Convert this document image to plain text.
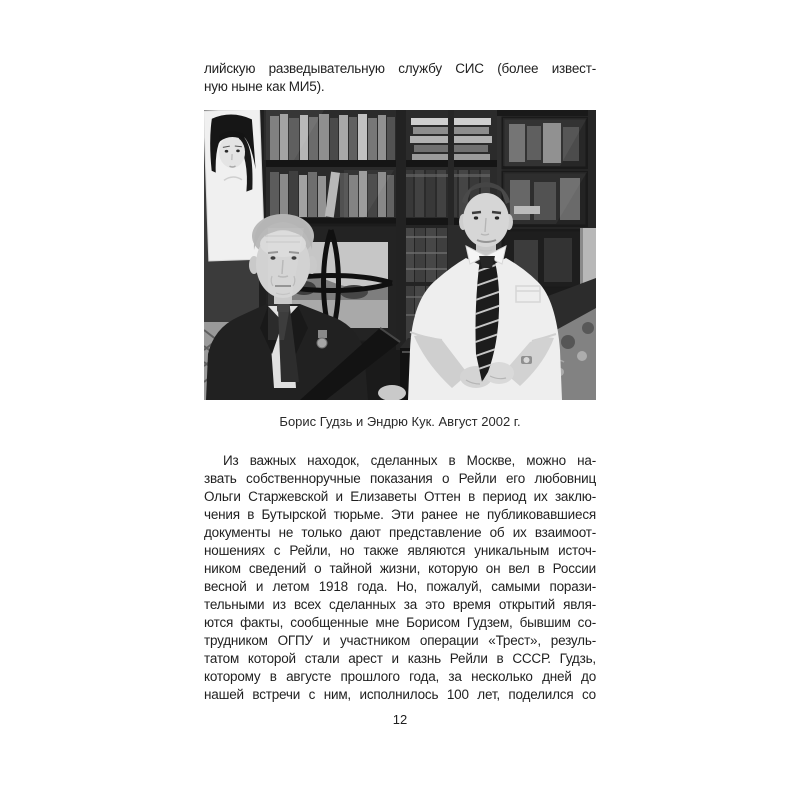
лийскую разведывательную службу СИС (более извест-
ную ныне как МИ5).
Борис Гудзь и Эндрю Кук. Август 2002 г.
Из важных находок, сделанных в Москве, можно на-
звать собственноручные показания о Рейли его любовниц
Ольги Старжевской и Елизаветы Оттен в период их заклю-
чения в Бутырской тюрьме. Эти ранее не публиковавшиеся
документы не только дают представление об их взаимоот-
ношениях с Рейли, но также являются уникальным источ-
ником сведений о тайной жизни, которую он вел в России
весной и летом 1918 года. Но, пожалуй, самыми порази-
тельными из всех сделанных за это время открытий явля-
ются факты, сообщенные мне Борисом Гудзем, бывшим со-
трудником ОГПУ и участником операции «Трест», резуль-
татом которой стали арест и казнь Рейли в СССР. Гудзь,
которому в августе прошлого года, за несколько дней до
нашей встречи с ним, исполнилось 100 лет, поделился со
12
